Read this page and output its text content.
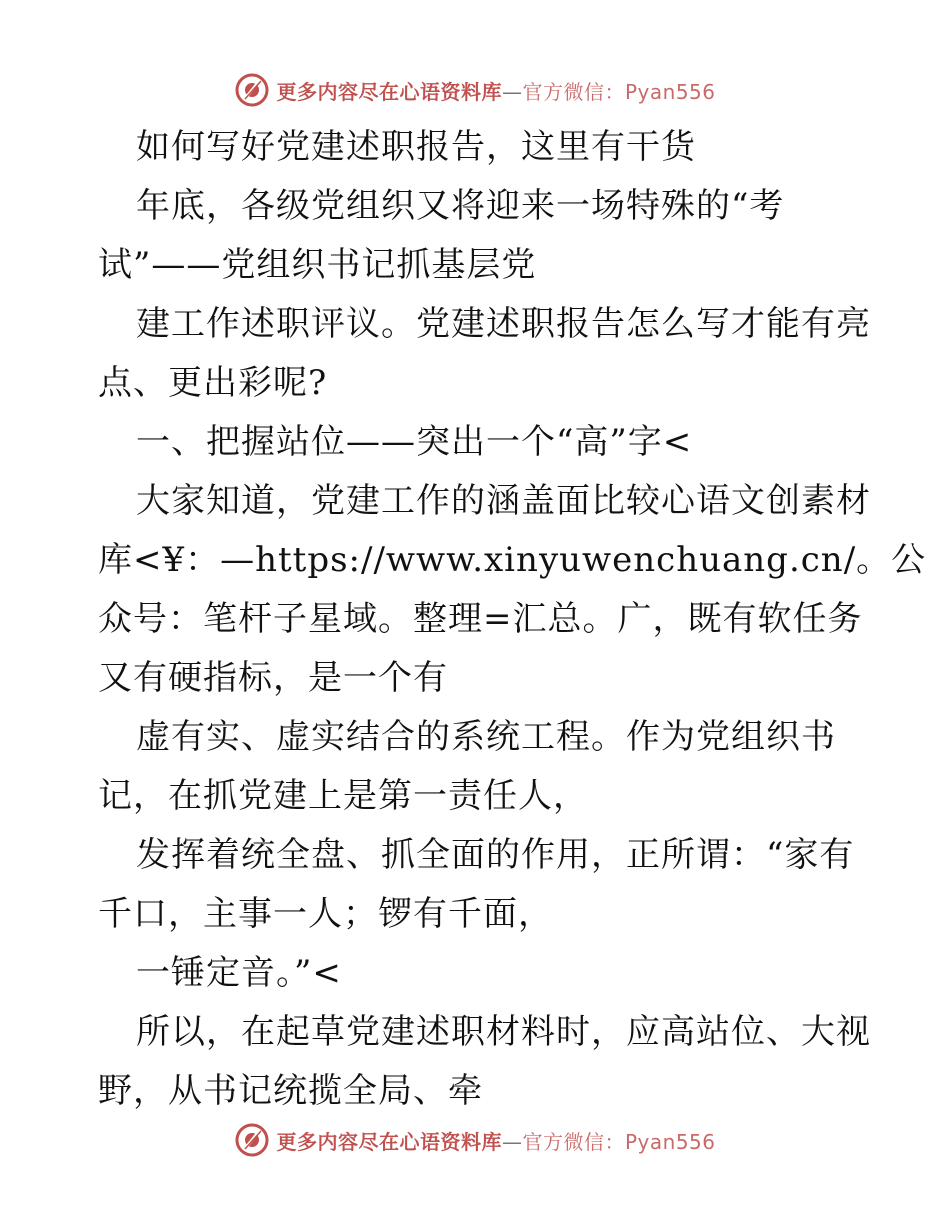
更多内容尽在心语资料库—官方微信：Pyan556
如何写好党建述职报告，这里有干货
年底，各级党组织又将迎来一场特殊的“考
试”——党组织书记抓基层党
建工作述职评议。党建述职报告怎么写才能有亮
点、更出彩呢?
一、把握站位——突出一个“高”字<
大家知道，党建工作的涵盖面比较心语文创素材
库<¥：—https://www.xinyuwenchuang.cn/。公
众号：笔杆子星域。整理=汇总。广，既有软任务
又有硬指标，是一个有
虚有实、虚实结合的系统工程。作为党组织书
记，在抓党建上是第一责任人，
发挥着统全盘、抓全面的作用，正所谓：“家有
千口，主事一人；锣有千面，
一锤定音。”<
所以，在起草党建述职材料时，应高站位、大视
野，从书记统揽全局、牵
更多内容尽在心语资料库—官方微信：Pyan556
